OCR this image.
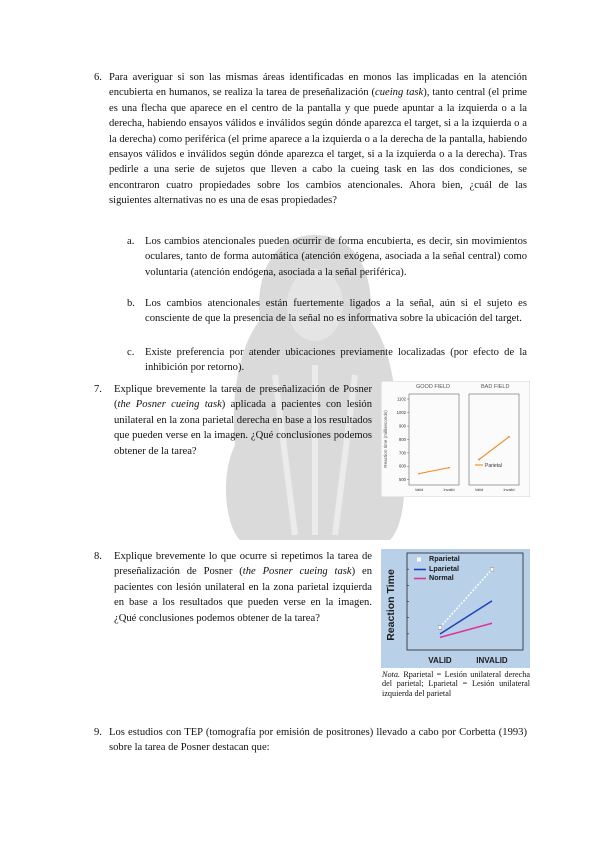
6. Para averiguar si son las mismas áreas identificadas en monos las implicadas en la atención encubierta en humanos, se realiza la tarea de preseñalización (cueing task), tanto central (el prime es una flecha que aparece en el centro de la pantalla y que puede apuntar a la izquierda o a la derecha, habiendo ensayos válidos e inválidos según dónde aparezca el target, si a la izquierda o a la derecha) como periférica (el prime aparece a la izquierda o a la derecha de la pantalla, habiendo ensayos válidos e inválidos según dónde aparezca el target, si a la izquierda o a la derecha). Tras pedirle a una serie de sujetos que lleven a cabo la cueing task en las dos condiciones, se encontraron cuatro propiedades sobre los cambios atencionales. Ahora bien, ¿cuál de las siguientes alternativas no es una de esas propiedades?
a. Los cambios atencionales pueden ocurrir de forma encubierta, es decir, sin movimientos oculares, tanto de forma automática (atención exógena, asociada a la señal central) como voluntaria (atención endógena, asociada a la señal periférica).
b. Los cambios atencionales están fuertemente ligados a la señal, aún si el sujeto es consciente de que la presencia de la señal no es informativa sobre la ubicación del target.
c. Existe preferencia por atender ubicaciones previamente localizadas (por efecto de la inhibición por retorno).
7. Explique brevemente la tarea de preseñalización de Posner (the Posner cueing task) aplicada a pacientes con lesión unilateral en la zona parietal derecha en base a los resultados que pueden verse en la imagen. ¿Qué conclusiones podemos obtener de la tarea?
GOOD FIELD	BAD FIELD
Reaction time (milliseconds)
Valid	Invalid	Valid	Invalid
500
600
700
800
900
1002
1102
Parietal
8. Explique brevemente lo que ocurre si repetimos la tarea de preseñalización de Posner (the Posner cueing task) en pacientes con lesión unilateral en la zona parietal izquierda en base a los resultados que pueden verse en la imagen. ¿Qué conclusiones podemos obtener de la tarea?	Reaction Time
Rparietal
Lparietal
Normal
VALID	INVALID
Nota. Rparietal = Lesión unilateral derecha del parietal; Lparietal = Lesión unilateral izquierda del parietal
9. Los estudios con TEP (tomografía por emisión de positrones) llevado a cabo por Corbetta (1993) sobre la tarea de Posner destacan que:
